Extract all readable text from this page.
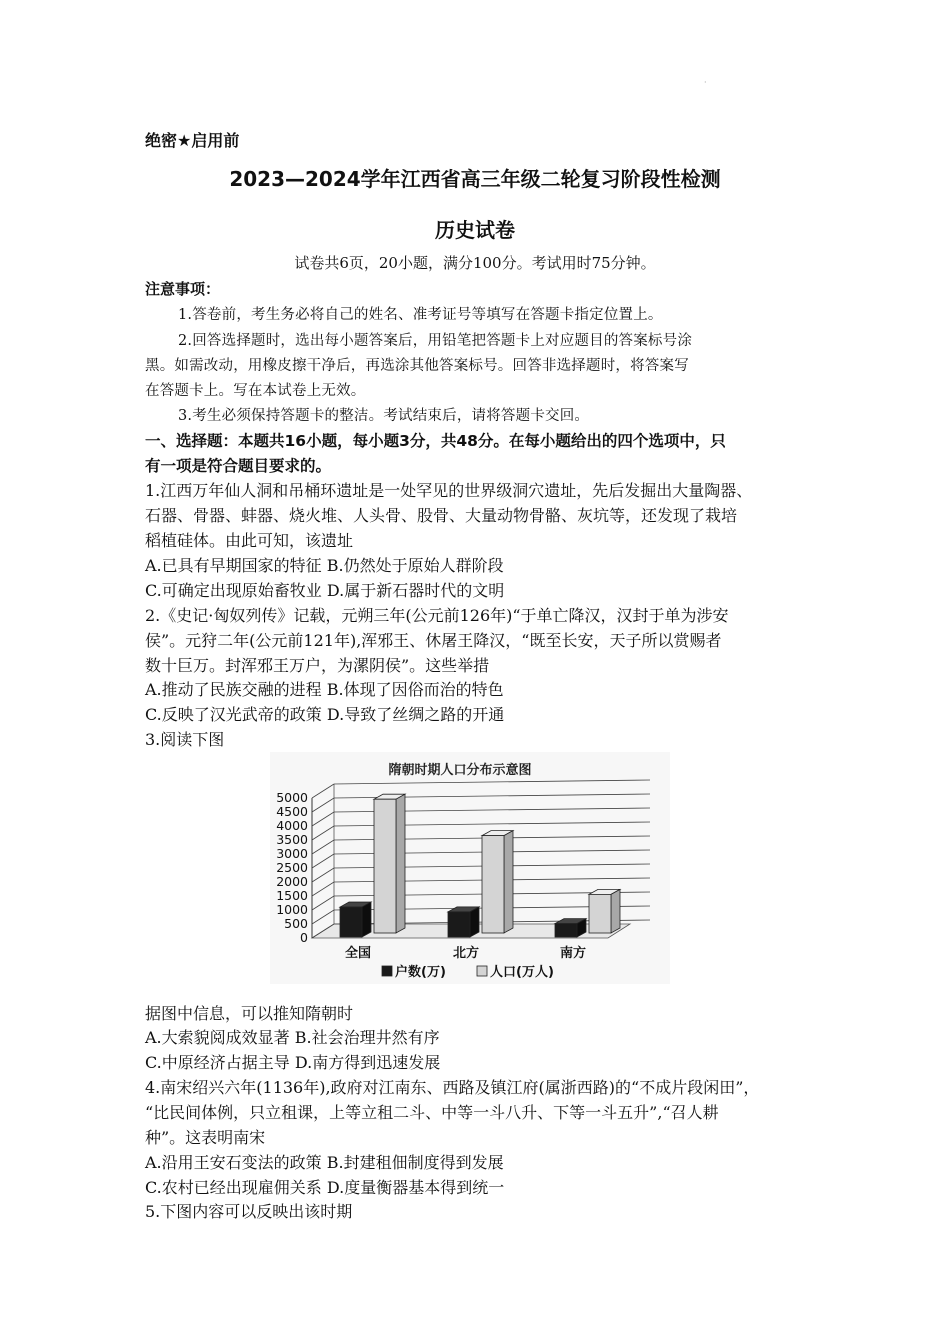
·
绝密★启用前
2023—2024学年江西省高三年级二轮复习阶段性检测
历史试卷
试卷共6页，20小题，满分100分。考试用时75分钟。
注意事项：
1.答卷前，考生务必将自己的姓名、准考证号等填写在答题卡指定位置上。
2.回答选择题时，选出每小题答案后，用铅笔把答题卡上对应题目的答案标号涂
黑。如需改动，用橡皮擦干净后，再选涂其他答案标号。回答非选择题时，将答案写
在答题卡上。写在本试卷上无效。
3.考生必须保持答题卡的整洁。考试结束后，请将答题卡交回。
一、选择题：本题共16小题，每小题3分，共48分。在每小题给出的四个选项中，只
有一项是符合题目要求的。
1.江西万年仙人洞和吊桶环遗址是一处罕见的世界级洞穴遗址，先后发掘出大量陶器、
石器、骨器、蚌器、烧火堆、人头骨、股骨、大量动物骨骼、灰坑等，还发现了栽培
稻植硅体。由此可知，该遗址
A.已具有早期国家的特征 B.仍然处于原始人群阶段
C.可确定出现原始畜牧业 D.属于新石器时代的文明
2.《史记·匈奴列传》记载，元朔三年(公元前126年)“于单亡降汉，汉封于单为涉安
侯”。元狩二年(公元前121年),浑邪王、休屠王降汉，“既至长安，天子所以赏赐者
数十巨万。封浑邪王万户，为漯阴侯”。这些举措
A.推动了民族交融的进程 B.体现了因俗而治的特色
C.反映了汉光武帝的政策 D.导致了丝绸之路的开通
3.阅读下图
隋朝时期人口分布示意图
0
500
1000
1500
2000
2500
3000
3500
4000
4500
5000
全国	北方	南方
户数(万)	人口(万人)
据图中信息，可以推知隋朝时
A.大索貌阅成效显著 B.社会治理井然有序
C.中原经济占据主导 D.南方得到迅速发展
4.南宋绍兴六年(1136年),政府对江南东、西路及镇江府(属浙西路)的“不成片段闲田”，
“比民间体例，只立租课，上等立租二斗、中等一斗八升、下等一斗五升”,“召人耕
种”。这表明南宋
A.沿用王安石变法的政策 B.封建租佃制度得到发展
C.农村已经出现雇佣关系 D.度量衡器基本得到统一
5.下图内容可以反映出该时期
